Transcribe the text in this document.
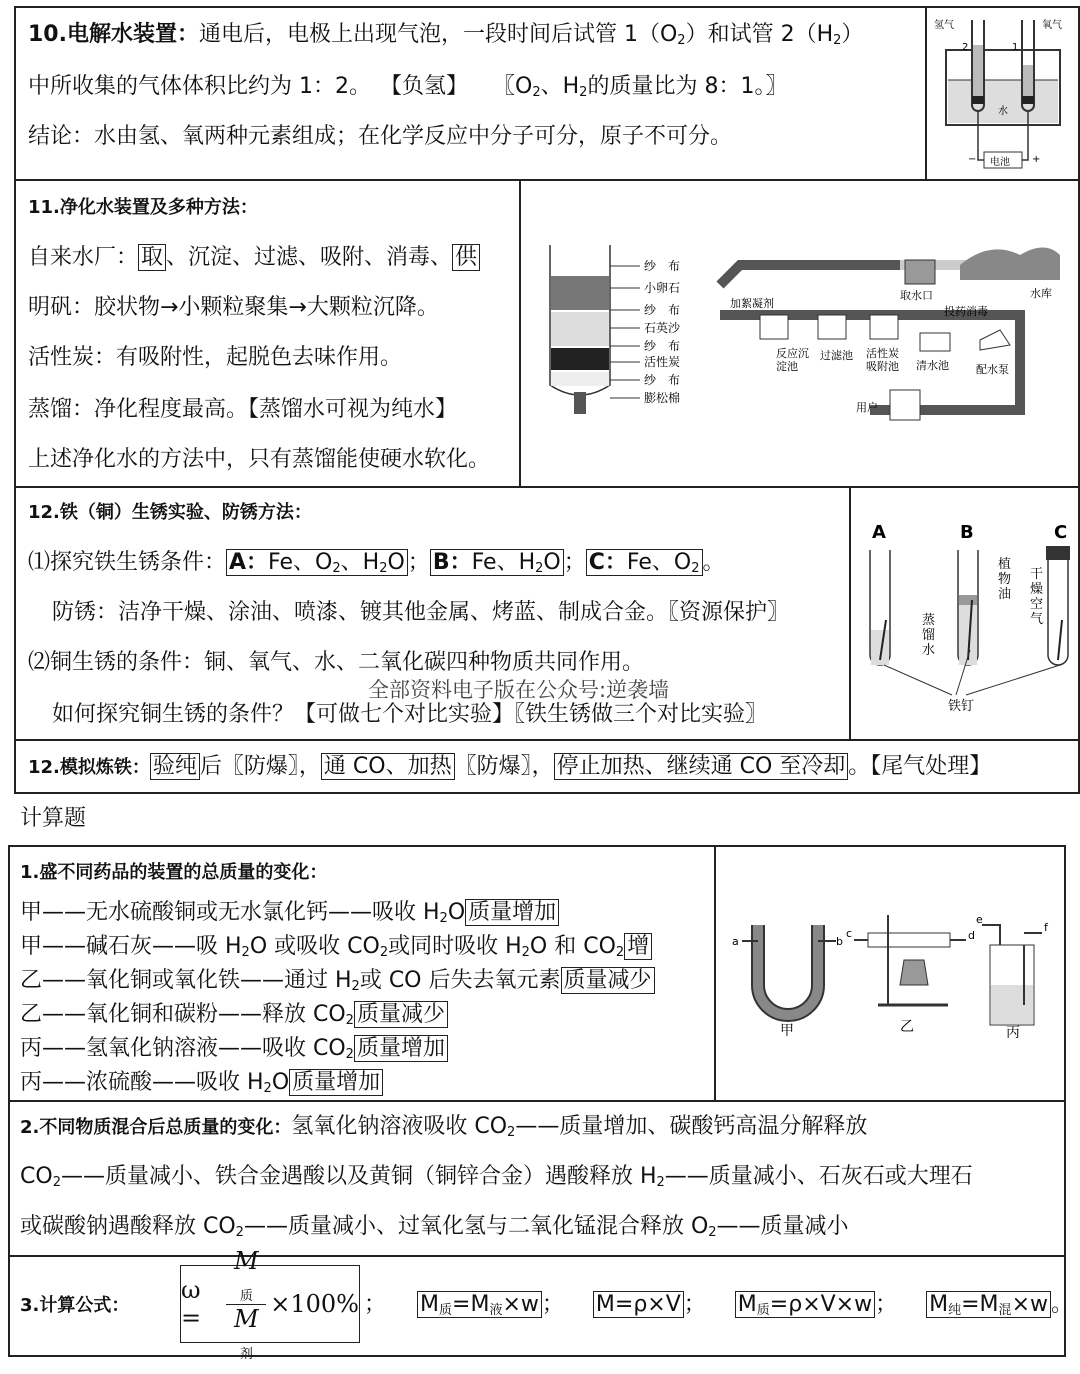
10.电解水装置：通电后，电极上出现气泡，一段时间后试管 $1(O_2)$和试管 $2(H_2)$
中所收集的气体体积比约为 1：2。 【负氢】 〖$O_2$、$H_2$的质量比为 8：1。〗
结论：水由氢、氧两种元素组成；在化学反应中分子可分，原子不可分。
氢气	氧气
2	1
水
电池
−	+
11.净化水装置及多种方法：
自来水厂： 取 、沉淀、过滤、吸附、消毒、 供
明矾：胶状物→小颗粒聚集→大颗粒沉降。
活性炭：有吸附性，起脱色去味作用。
蒸馏：净化程度最高。【蒸馏水可视为纯水】
上述净化水的方法中，只有蒸馏能使硬水软化。
纱　布
小卵石
纱　布
石英沙
纱　布
活性炭
纱　布
膨松棉
加絮凝剂
取水口	水库
投药消毒
反应沉
淀池
过滤池 活性炭
吸附池 清水池 配水泵
用户
12.铁（铜）生锈实验、防锈方法：
⑴探究铁生锈条件： A：Fe、$O_2$、$H_2O$ ； B：Fe、$H_2O$ ； C：Fe、$O_2$ 。
防锈：洁净干燥、涂油、喷漆、镀其他金属、烤蓝、制成合金。〖资源保护〗
⑵铜生锈的条件：铜、氧气、水、二氧化碳四种物质共同作用。
如何探究铜生锈的条件？【可做七个对比实验】〖铁生锈做三个对比实验〗
全部资料电子版在公众号:逆袭墙
A	B	C
植
物
油
蒸
馏
水
干
燥
空
气
铁钉
12.模拟炼铁： 验纯 后〖防爆〗， 通 CO、加热 〖防爆〗， 停止加热、继续通 CO 至冷却 。【尾气处理】
计算题
1.盛不同药品的装置的总质量的变化：
甲——无水硫酸铜或无水氯化钙——吸收 $H_2O$ 质量增加
甲——碱石灰——吸 $H_2O$ 或吸收 $CO_2$或同时吸收 $H_2O$ 和 $CO_2$ 增
乙——氧化铜或氧化铁——通过 $H_2$或 CO 后失去氧元素 质量减少
乙——氧化铜和碳粉——释放 $CO_2$ 质量减少
丙——氢氧化钠溶液——吸收 $CO_2$ 质量增加
丙——浓硫酸——吸收 $H_2O$ 质量增加
a	b
c	d
e
f
甲	乙	丙
2.不同物质混合后总质量的变化：氢氧化钠溶液吸收 $CO_2——$质量增加、碳酸钙高温分解释放
$CO_2——$质量减小、铁合金遇酸以及黄铜（铜锌合金）遇酸释放 $H_2——$质量减小、石灰石或大理石
或碳酸钠遇酸释放 $CO_2——$质量减小、过氧化氢与二氧化锰混合释放 $O_2——$质量减小
3.计算公式：
ω =	$\frac{M_质}{M_剂} \times 100\%$ ； $M_质=M_液\times w$ ； M=ρ×V ； $M_质=\rho\times V\times w$ ； $M_纯=M_混\times w$ 。
